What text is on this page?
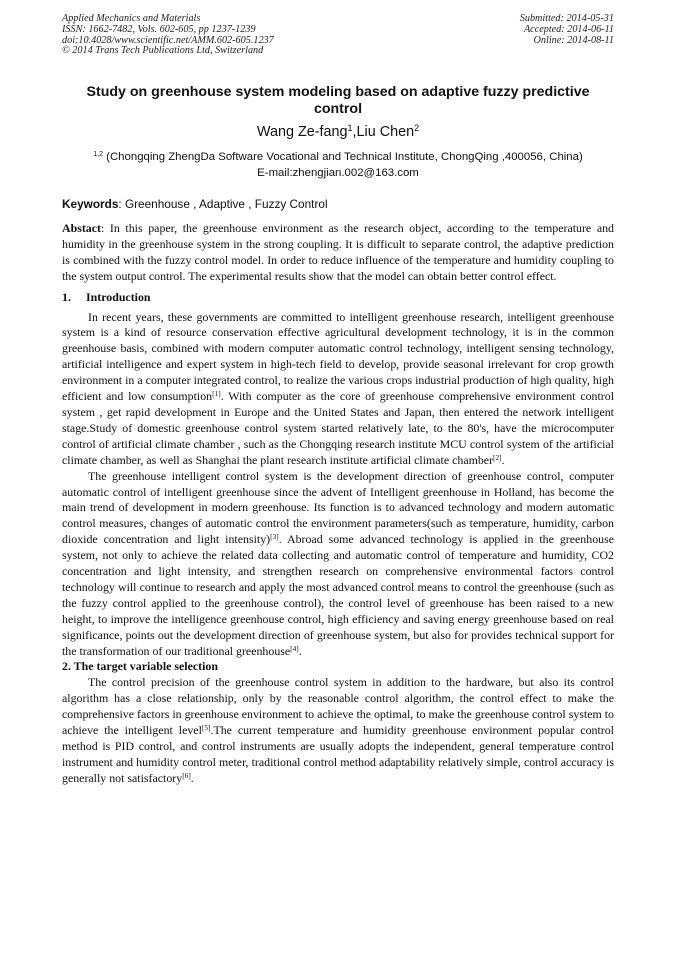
Applied Mechanics and Materials
ISSN: 1662-7482, Vols. 602-605, pp 1237-1239
doi:10.4028/www.scientific.net/AMM.602-605.1237
© 2014 Trans Tech Publications Ltd, Switzerland
Submitted: 2014-05-31
Accepted: 2014-06-11
Online: 2014-08-11
Study on greenhouse system modeling based on adaptive fuzzy predictive control
Wang Ze-fang$^1$,Liu Chen$^2$
$^{1,2}$ (Chongqing ZhengDa Software Vocational and Technical Institute, ChongQing ,400056, China)
E-mail:zhengjian.002@163.com
Keywords: Greenhouse , Adaptive , Fuzzy Control

Abstact: In this paper, the greenhouse environment as the research object, according to the temperature and humidity in the greenhouse system in the strong coupling. It is difficult to separate control, the adaptive prediction is combined with the fuzzy control model. In order to reduce influence of the temperature and humidity coupling to the system output control. The experimental results show that the model can obtain better control effect.

1. Introduction

In recent years, these governments are committed to intelligent greenhouse research, intelligent greenhouse system is a kind of resource conservation effective agricultural development technology, it is in the common greenhouse basis, combined with modern computer automatic control technology, intelligent sensing technology, artificial intelligence and expert system in high-tech field to develop, provide seasonal irrelevant for crop growth environment in a computer integrated control, to realize the various crops industrial production of high quality, high efficient and low consumption[1]. With computer as the core of greenhouse comprehensive environment control system , get rapid development in Europe and the United States and Japan, then entered the network intelligent stage.Study of domestic greenhouse control system started relatively late, to the 80's, have the microcomputer control of artificial climate chamber , such as the Chongqing research institute MCU control system of the artificial climate chamber, as well as Shanghai the plant research institute artificial climate chamber[2].

The greenhouse intelligent control system is the development direction of greenhouse control, computer automatic control of intelligent greenhouse since the advent of Intelligent greenhouse in Holland, has become the main trend of development in modern greenhouse. Its function is to advanced technology and modern automatic control measures, changes of automatic control the environment parameters(such as temperature, humidity, carbon dioxide concentration and light intensity)[3]. Abroad some advanced technology is applied in the greenhouse system, not only to achieve the related data collecting and automatic control of temperature and humidity, CO2 concentration and light intensity, and strengthen research on comprehensive environmental factors control technology will continue to research and apply the most advanced control means to control the greenhouse (such as the fuzzy control applied to the greenhouse control), the control level of greenhouse has been raised to a new height, to improve the intelligence greenhouse control, high efficiency and saving energy greenhouse based on real significance, points out the development direction of greenhouse system, but also for provides technical support for the transformation of our traditional greenhouse[4].

2. The target variable selection

The control precision of the greenhouse control system in addition to the hardware, but also its control algorithm has a close relationship, only by the reasonable control algorithm, the control effect to make the comprehensive factors in greenhouse environment to achieve the optimal, to make the greenhouse control system to achieve the intelligent level[5].The current temperature and humidity greenhouse environment popular control method is PID control, and control instruments are usually adopts the independent, general temperature control instrument and humidity control meter, traditional control method adaptability relatively simple, control accuracy is generally not satisfactory[6].
